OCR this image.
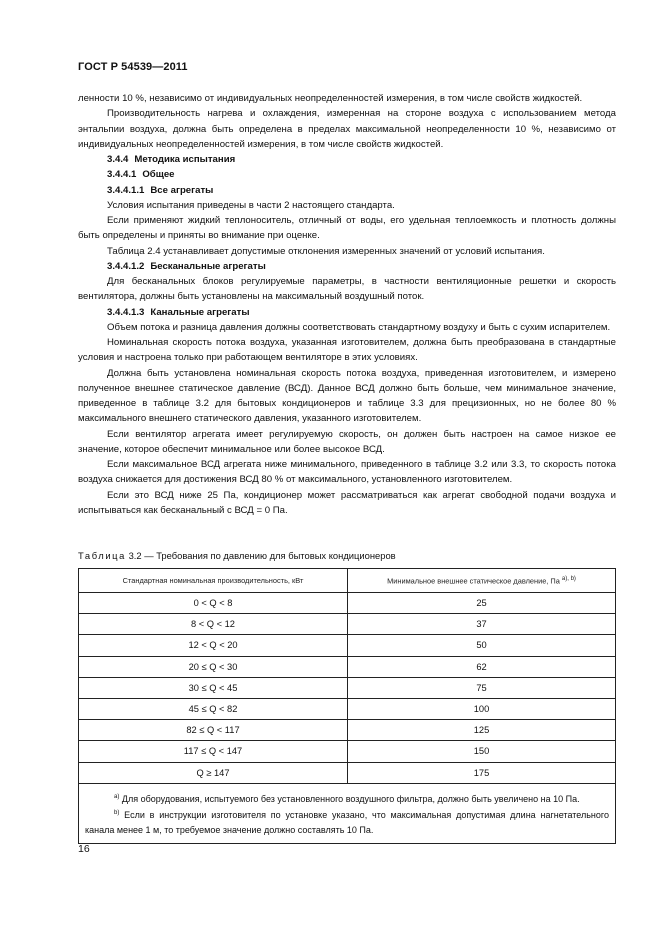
ГОСТ Р 54539—2011

ленности 10 %, независимо от индивидуальных неопределенностей измерения, в том числе свойств жидкостей.

Производительность нагрева и охлаждения, измеренная на стороне воздуха с использованием метода энтальпии воздуха, должна быть определена в пределах максимальной неопределенности 10 %, независимо от индивидуальных неопределенностей измерения, в том числе свойств жидкостей.

3.4.4 Методика испытания

3.4.4.1 Общее

3.4.4.1.1 Все агрегаты

Условия испытания приведены в части 2 настоящего стандарта.

Если применяют жидкий теплоноситель, отличный от воды, его удельная теплоемкость и плотность должны быть определены и приняты во внимание при оценке.

Таблица 2.4 устанавливает допустимые отклонения измеренных значений от условий испытания.

3.4.4.1.2 Бесканальные агрегаты

Для бесканальных блоков регулируемые параметры, в частности вентиляционные решетки и скорость вентилятора, должны быть установлены на максимальный воздушный поток.

3.4.4.1.3 Канальные агрегаты

Объем потока и разница давления должны соответствовать стандартному воздуху и быть с сухим испарителем.

Номинальная скорость потока воздуха, указанная изготовителем, должна быть преобразована в стандартные условия и настроена только при работающем вентиляторе в этих условиях.

Должна быть установлена номинальная скорость потока воздуха, приведенная изготовителем, и измерено полученное внешнее статическое давление (ВСД). Данное ВСД должно быть больше, чем минимальное значение, приведенное в таблице 3.2 для бытовых кондиционеров и таблице 3.3 для прецизионных, но не более 80 % максимального внешнего статического давления, указанного изготовителем.

Если вентилятор агрегата имеет регулируемую скорость, он должен быть настроен на самое низкое ее значение, которое обеспечит минимальное или более высокое ВСД.

Если максимальное ВСД агрегата ниже минимального, приведенного в таблице 3.2 или 3.3, то скорость потока воздуха снижается для достижения ВСД 80 % от максимального, установленного изготовителем.

Если это ВСД ниже 25 Па, кондиционер может рассматриваться как агрегат свободной подачи воздуха и испытываться как бесканальный с ВСД = 0 Па.

Таблица 3.2 — Требования по давлению для бытовых кондиционеров
Стандартная номинальная производительность, кВт	Минимальное внешнее статическое давление, Па $^{a), b)}$
0 < Q < 8	25
8 < Q < 12	37
12 < Q < 20	50
20 ≤ Q < 30	62
30 ≤ Q < 45	75
45 ≤ Q < 82	100
82 ≤ Q < 117	125
117 ≤ Q < 147	150
Q ≥ 147	175

$^{a)}$ Для оборудования, испытуемого без установленного воздушного фильтра, должно быть увеличено на 10 Па.

$^{b)}$ Если в инструкции изготовителя по установке указано, что максимальная допустимая длина нагнетательного канала менее 1 м, то требуемое значение должно составлять 10 Па.	

16
